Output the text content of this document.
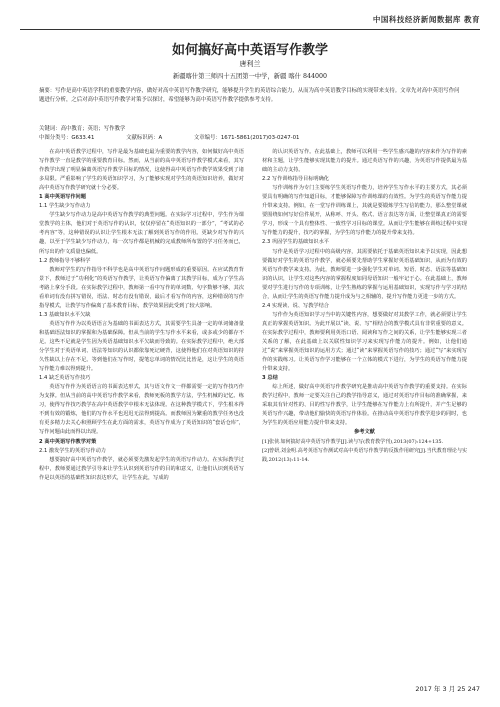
中国科技经济新闻数据库 教育
如何搞好高中英语写作教学
唐利兰
新疆喀什第三师四十五团第一中学，新疆 喀什 844000
摘要：写作是高中英语学科的重要教学内容，做好对高中英语写作教学研究，能够提升学生的英语综合能力，从而为高中英语教学目标的实现带来支持。文章先对高中英语写作问题进行分析，之后对高中英语写作教学对策予以探讨，希望能够为高中英语写作教学提供参考支持。
关键词：高中教育；英语；写作教学
中图分类号：G633.41	文献标识码：A	文章编号：1671-5861(2017)03-0247-01

在高中英语教学过程中，写作是最为基础也最为重要的教学内容，如何做好高中英语写作教学一直是教学的重要教育目标。然而，从当前的高中英语写作教学模式来看，其写作教学出现了明显偏离英语写作教学目标的情况，这使得高中英语写作教学效果受到了诸多局限。严重影响了学生的英语知识学习，为了能够实现对学生的英语知识培养，做好对高中英语写作教学研究就十分必要。

1 高中英语写作问题

1.1 学生缺少写作动力

学生缺少写作动力是高中英语写作教学的典型问题。在实际学习过程中，学生作为课堂教学的主体，他们对于英语写作的认识，仅仅停留在“英语知识的一部分”，“考试的必考内容”等，这种错误的认识让学生根本无法了解到英语写作的作用。更缺少对写作的兴趣，以至于学生缺少写作动力，每一次写作都是机械的完成教师所布置的学习任务而已，所写出的作文质量也偏低。

1.2 教师指导不够科学

教师对学生的写作指导不科学也是高中英语写作问题形成的重要原因。在应试教育背景下，教师过于“功利化”的英语写作教学，让英语写作偏离了其教学目标，成为了学生高考路上拿分手段。在实际教学过程中，教师第一看中写作的单词数、句字数够不够，其次看单词有没有拼写错误，语法、时态有没有错误，最后才看写作的内容，这种错误的写作指导模式，让教学写作偏离了基本教育目标，教学效果因此受到了较大影响。

1.3 基础知识水平欠缺

英语写作作为以英语语言为基础的书面表达方式，其需要学生具备一定的单词储备量和基础语法知识的掌握和为基础保障。但从当前的学生写作水平来看，或多或少的都存不足。这些不足就是学生因为英语基础知识水平欠缺而导致的。在实际教学过程中，绝大部分学生对于英语单词、语法等知识的认识都依靠死记硬背，这使得他们在对英语知识的持久性缺以上存在不足。等到他们在写作时，提笔忘单词的情况比比皆是，这让学生的英语写作能力难以得到提升。

1.4 缺乏英语写作技巧

英语写作作为英语语言的书面表达形式，其与语文作文一样都需要一定的写作技巧作为支撑。但从当前的高中英语写作教学来看，教师死板的教学方法，学生机械的记忆、练习，使得写作技巧教学在高中英语教学中根本无法体现。在这种教学模式下，学生根本得不到有效的锻炼，他们的写作水平也迟迟无法得到提高。而教师因为繁重的教学任务也没有更多精力去关心和照顾学生在此方面的需求，英语写作成为了英语知识的“套话仓库”，写作问题由此而得以出现。

2 高中英语写作教学对策

2.1 激发学生的英语写作动力

想要搞好高中英语写作教学，就必须要先激发起学生的英语写作动力。在实际教学过程中，教师要通过教学引导来让学生认识到英语写作的目的和意义，让他们认识到英语写作是以英语的基础性知识表达形式，让学生在此，写成的

的认识英语写作。在此基础上，教师可以利用一些学生感兴趣的内容来作为写作的素材和主题，让学生能够实现其能力的提升。通过英语写作的兴趣，为英语写作提供最为基础的主动力支持。

2.2 写作训练指导目标明确化

写作训练作为专门主要练学生英语写作能力，培养学生写作水平的主要方式，其必须要具有明确的写作知道目标，才能够保障写作训练课的有效性。为学生的英语写作能力提升带来支持。例如，在一堂写作训练课上，其就是要锻炼学生写信的能力，那么整堂课就要围绕如何写好信件展开，从称呼、开头、格式、语言表达等方面，让整堂课真正的需要学习，形成一个具有整体性、一致性学习目标的课堂。从而让学生能够在训练过程中实现写作能力的提升，技巧的掌握，为学生的写作能力的提升带来支持。

2.3 巩固学生的基础知识水平

写作是英语学习过程中的高级内容，其需要依托于基础英语知识来予以实现，因此想要做好对学生的英语写作教学，就必须要先帮助学生掌握好英语基础知识，从而为有效的英语写作教学来支持。为此，教师要进一步强化学生对单词、短语、时态、语法等基础知识的认识，让学生对这些内容的掌握程度如同母语知识一般牢记于心。在此基础上，教师要对学生进行写作的专项训练，让学生熟练的掌握与运用基础知识，实现写作与学习的结合，从而让学生的英语写作能力提升成为与之相辅的，提升写作能力更进一步的方式。

2.4 实现读、说、写教学结合

写作作为英语知识学习当中的关键性内容，想要做好对其教学工作，就必须要让学生真正的掌握英语知识。为此开展以“读、说、写”相结合的教学模式具有非常重要的意义。在实际教学过程中，教师要利用英语口语、阅读和写作之间的关系，让学生能够实现三者关系的了解，在此基础上以关联性知识学习来实现写作能力的提升。例如，让他们通过“说”来掌握英语知识的运用方式；通过“读”来掌握英语写作的技巧；通过“写”来实现写作的实践练习。让英语写作学习能够在一个立体的模式下进行，为学生的英语写作能力提升带来支持。

3 总结

综上所述，做好高中英语写作教学研究是推动高中英语写作教学的重要支持。在实际教学过程中，教师一定要关注自己的教学指导意义，通过对英语写作目标的准确掌握，来采取其有针对性的、目的性写作教学，让学生能够在写作能力上有所提升，并产生足够的英语写作兴趣，带动他们愉快的英语写作体验。在推动高中英语写作教学进步的同时，也为学生的英语应用能力提升带来支持。

参考文献

[1]张侠.如何搞好高中英语写作教学[J].读与写(教育教学刊),2013(07):124+135.

[2]曾妍,刘金明.高考英语写作测试对高中英语写作教学的反拨作用研究[J].当代教育理论与实践,2012(13):11-14.

2017 年 3 月 25 247
